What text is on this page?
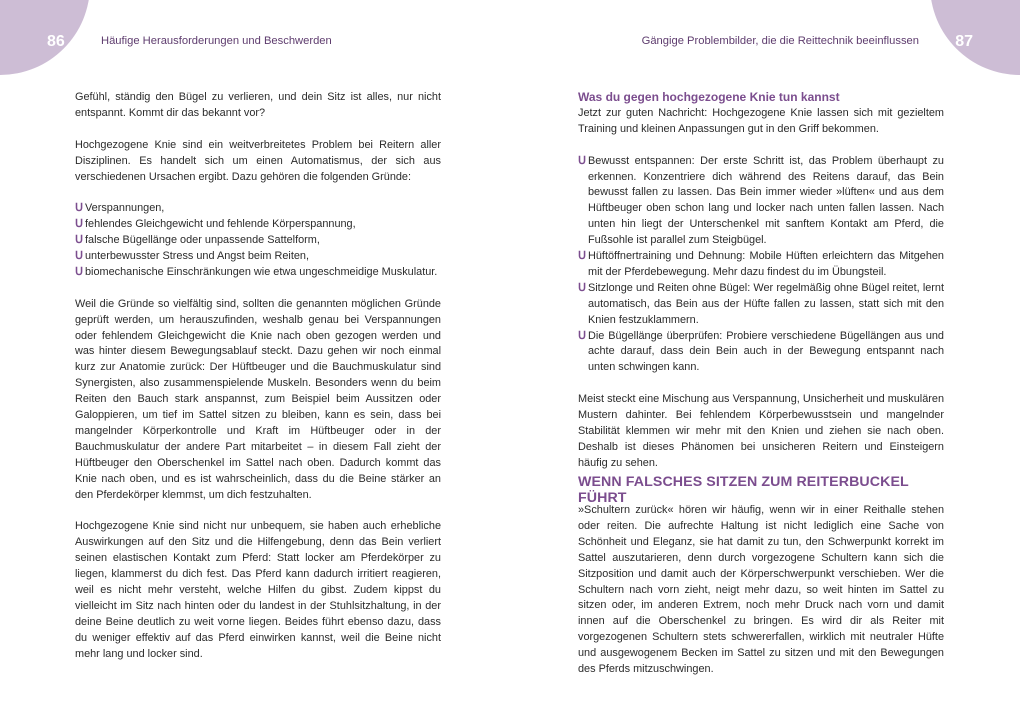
86	87
Häufige Herausforderungen und Beschwerden	Gängige Problembilder, die die Reittechnik beeinflussen

Gefühl, ständig den Bügel zu verlieren, und dein Sitz ist alles, nur nicht entspannt. Kommt dir das bekannt vor?

Hochgezogene Knie sind ein weitverbreitetes Problem bei Reitern aller Disziplinen. Es handelt sich um einen Automatismus, der sich aus verschiedenen Ursachen ergibt. Dazu gehören die folgenden Gründe:

Ս Verspannungen,

Ս fehlendes Gleichgewicht und fehlende Körperspannung,

Ս falsche Bügellänge oder unpassende Sattelform,

Ս unterbewusster Stress und Angst beim Reiten,

Ս biomechanische Einschränkungen wie etwa ungeschmeidige Muskulatur.

Weil die Gründe so vielfältig sind, sollten die genannten möglichen Gründe geprüft werden, um herauszufinden, weshalb genau bei Verspannungen oder fehlendem Gleichgewicht die Knie nach oben gezogen werden und was hinter diesem Bewegungsablauf steckt. Dazu gehen wir noch einmal kurz zur Anatomie zurück: Der Hüftbeuger und die Bauchmuskulatur sind Synergisten, also zusammenspielende Muskeln. Besonders wenn du beim Reiten den Bauch stark anspannst, zum Beispiel beim Aussitzen oder Galoppieren, um tief im Sattel sitzen zu bleiben, kann es sein, dass bei mangelnder Körperkontrolle und Kraft im Hüftbeuger oder in der Bauchmuskulatur der andere Part mitarbeitet – in diesem Fall zieht der Hüftbeuger den Oberschenkel im Sattel nach oben. Dadurch kommt das Knie nach oben, und es ist wahrscheinlich, dass du die Beine stärker an den Pferdekörper klemmst, um dich festzuhalten.

Hochgezogene Knie sind nicht nur unbequem, sie haben auch erhebliche Auswirkungen auf den Sitz und die Hilfengebung, denn das Bein verliert seinen elastischen Kontakt zum Pferd: Statt locker am Pferdekörper zu liegen, klammerst du dich fest. Das Pferd kann dadurch irritiert reagieren, weil es nicht mehr versteht, welche Hilfen du gibst. Zudem kippst du vielleicht im Sitz nach hinten oder du landest in der Stuhlsitzhaltung, in der deine Beine deutlich zu weit vorne liegen. Beides führt ebenso dazu, dass du weniger effektiv auf das Pferd einwirken kannst, weil die Beine nicht mehr lang und locker sind.

Was du gegen hochgezogene Knie tun kannst

Jetzt zur guten Nachricht: Hochgezogene Knie lassen sich mit gezieltem Training und kleinen Anpassungen gut in den Griff bekommen.

Ս Bewusst entspannen: Der erste Schritt ist, das Problem überhaupt zu erkennen. Konzentriere dich während des Reitens darauf, das Bein bewusst fallen zu lassen. Das Bein immer wieder »lüften« und aus dem Hüftbeuger oben schon lang und locker nach unten fallen lassen. Nach unten hin liegt der Unterschenkel mit sanftem Kontakt am Pferd, die Fußsohle ist parallel zum Steigbügel.

Ս Hüftöffnertraining und Dehnung: Mobile Hüften erleichtern das Mitgehen mit der Pferdebewegung. Mehr dazu findest du im Übungsteil.

Ս Sitzlonge und Reiten ohne Bügel: Wer regelmäßig ohne Bügel reitet, lernt automatisch, das Bein aus der Hüfte fallen zu lassen, statt sich mit den Knien festzuklammern.

Ս Die Bügellänge überprüfen: Probiere verschiedene Bügellängen aus und achte darauf, dass dein Bein auch in der Bewegung entspannt nach unten schwingen kann.

Meist steckt eine Mischung aus Verspannung, Unsicherheit und muskulären Mustern dahinter. Bei fehlendem Körperbewusstsein und mangelnder Stabilität klemmen wir mehr mit den Knien und ziehen sie nach oben. Deshalb ist dieses Phänomen bei unsicheren Reitern und Einsteigern häufig zu sehen.

WENN FALSCHES SITZEN ZUM REITERBUCKEL FÜHRT

»Schultern zurück« hören wir häufig, wenn wir in einer Reithalle stehen oder reiten. Die aufrechte Haltung ist nicht lediglich eine Sache von Schönheit und Eleganz, sie hat damit zu tun, den Schwerpunkt korrekt im Sattel auszutarieren, denn durch vorgezogene Schultern kann sich die Sitzposition und damit auch der Körperschwerpunkt verschieben. Wer die Schultern nach vorn zieht, neigt mehr dazu, so weit hinten im Sattel zu sitzen oder, im anderen Extrem, noch mehr Druck nach vorn und damit innen auf die Oberschenkel zu bringen. Es wird dir als Reiter mit vorgezogenen Schultern stets schwererfallen, wirklich mit neutraler Hüfte und ausgewogenem Becken im Sattel zu sitzen und mit den Bewegungen des Pferds mitzuschwingen.
